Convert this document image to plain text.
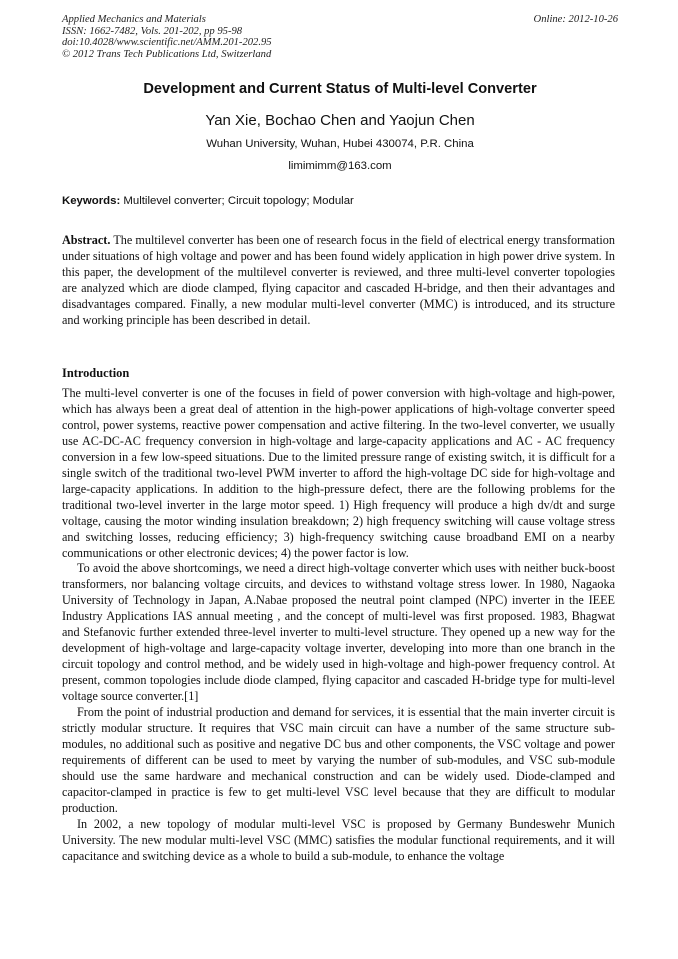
Applied Mechanics and Materials
ISSN: 1662-7482, Vols. 201-202, pp 95-98
doi:10.4028/www.scientific.net/AMM.201-202.95
© 2012 Trans Tech Publications Ltd, Switzerland
Online: 2012-10-26
Development and Current Status of Multi-level Converter
Yan Xie, Bochao Chen and Yaojun Chen
Wuhan University, Wuhan, Hubei 430074, P.R. China
limimimm@163.com
Keywords: Multilevel converter; Circuit topology; Modular

Abstract. The multilevel converter has been one of research focus in the field of electrical energy transformation under situations of high voltage and power and has been found widely application in high power drive system. In this paper, the development of the multilevel converter is reviewed, and three multi-level converter topologies are analyzed which are diode clamped, flying capacitor and cascaded H-bridge, and then their advantages and disadvantages compared. Finally, a new modular multi-level converter (MMC) is introduced, and its structure and working principle has been described in detail.

Introduction

The multi-level converter is one of the focuses in field of power conversion with high-voltage and high-power, which has always been a great deal of attention in the high-power applications of high-voltage converter speed control, power systems, reactive power compensation and active filtering. In the two-level converter, we usually use AC-DC-AC frequency conversion in high-voltage and large-capacity applications and AC - AC frequency conversion in a few low-speed situations. Due to the limited pressure range of existing switch, it is difficult for a single switch of the traditional two-level PWM inverter to afford the high-voltage DC side for high-voltage and large-capacity applications. In addition to the high-pressure defect, there are the following problems for the traditional two-level inverter in the large motor speed. 1) High frequency will produce a high dv/dt and surge voltage, causing the motor winding insulation breakdown; 2) high frequency switching will cause voltage stress and switching losses, reducing efficiency; 3) high-frequency switching cause broadband EMI on a nearby communications or other electronic devices; 4) the power factor is low.

To avoid the above shortcomings, we need a direct high-voltage converter which uses with neither buck-boost transformers, nor balancing voltage circuits, and devices to withstand voltage stress lower. In 1980, Nagaoka University of Technology in Japan, A.Nabae proposed the neutral point clamped (NPC) inverter in the IEEE Industry Applications IAS annual meeting , and the concept of multi-level was first proposed. 1983, Bhagwat and Stefanovic further extended three-level inverter to multi-level structure. They opened up a new way for the development of high-voltage and large-capacity voltage inverter, developing into more than one branch in the circuit topology and control method, and be widely used in high-voltage and high-power frequency control. At present, common topologies include diode clamped, flying capacitor and cascaded H-bridge type for multi-level voltage source converter.[1]

From the point of industrial production and demand for services, it is essential that the main inverter circuit is strictly modular structure. It requires that VSC main circuit can have a number of the same structure sub-modules, no additional such as positive and negative DC bus and other components, the VSC voltage and power requirements of different can be used to meet by varying the number of sub-modules, and VSC sub-module should use the same hardware and mechanical construction and can be widely used. Diode-clamped and capacitor-clamped in practice is few to get multi-level VSC level because that they are difficult to modular production.

In 2002, a new topology of modular multi-level VSC is proposed by Germany Bundeswehr Munich University. The new modular multi-level VSC (MMC) satisfies the modular functional requirements, and it will capacitance and switching device as a whole to build a sub-module, to enhance the voltage
